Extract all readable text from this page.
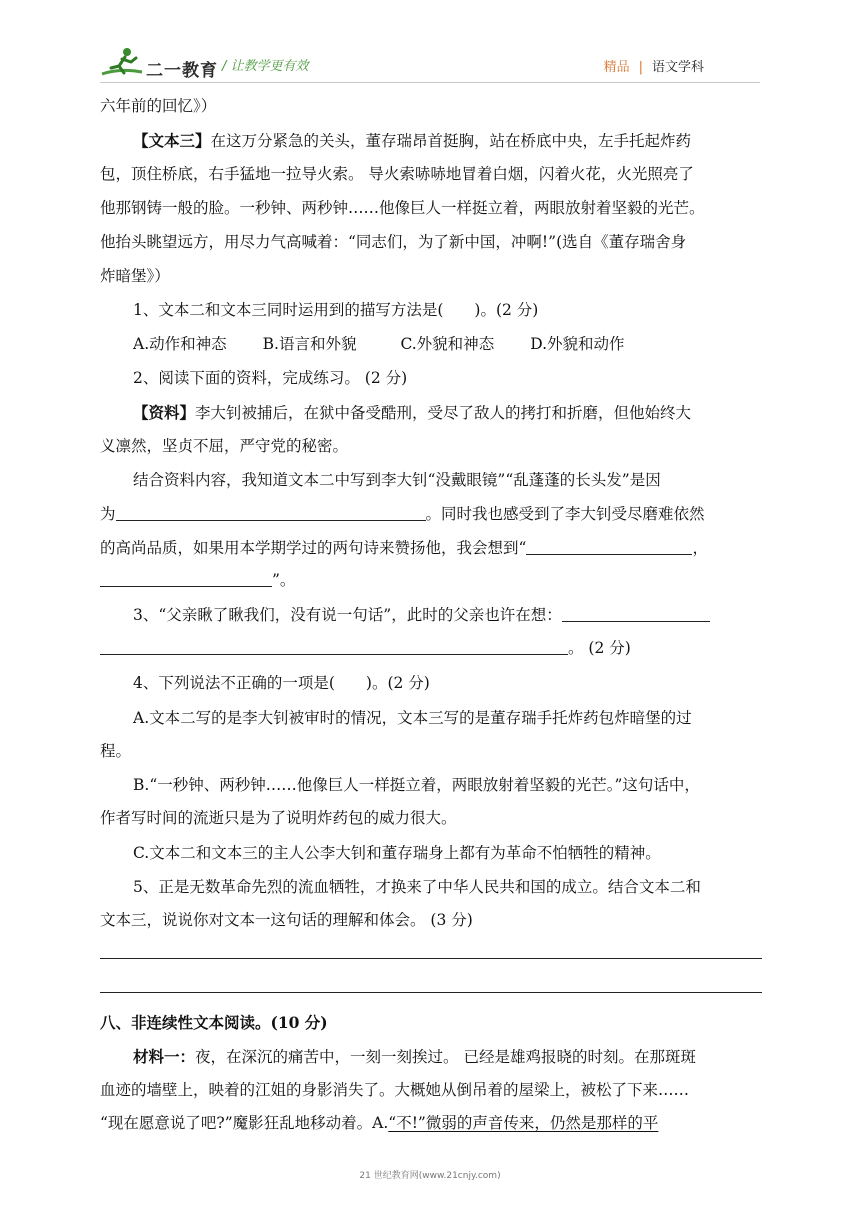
二一教育 / 让教学更有效	精品 | 语文学科
六年前的回忆》）
【文本三】在这万分紧急的关头，董存瑞昂首挺胸，站在桥底中央，左手托起炸药
包，顶住桥底，右手猛地一拉导火索。 导火索哧哧地冒着白烟，闪着火花，火光照亮了
他那钢铸一般的脸。一秒钟、两秒钟……他像巨人一样挺立着，两眼放射着坚毅的光芒。
他抬头眺望远方，用尽力气高喊着：“同志们，为了新中国，冲啊!”(选自《董存瑞舍身
炸暗堡》）
1、文本二和文本三同时运用到的描写方法是(　　)。(2 分)
A.动作和神态 B.语言和外貌	C.外貌和神态 D.外貌和动作
2、阅读下面的资料，完成练习。 (2 分)
【资料】李大钊被捕后，在狱中备受酷刑，受尽了敌人的拷打和折磨，但他始终大
义凛然，坚贞不屈，严守党的秘密。
结合资料内容，我知道文本二中写到李大钊“没戴眼镜”“乱蓬蓬的长头发”是因
为	。同时我也感受到了李大钊受尽磨难依然
的高尚品质，如果用本学期学过的两句诗来赞扬他，我会想到“	，
”。
3、“父亲瞅了瞅我们，没有说一句话”，此时的父亲也许在想：
。 (2 分)
4、下列说法不正确的一项是(　　)。(2 分)
A.文本二写的是李大钊被审时的情况，文本三写的是董存瑞手托炸药包炸暗堡的过
程。
B.“一秒钟、两秒钟……他像巨人一样挺立着，两眼放射着坚毅的光芒。”这句话中，
作者写时间的流逝只是为了说明炸药包的威力很大。
C.文本二和文本三的主人公李大钊和董存瑞身上都有为革命不怕牺牲的精神。
5、正是无数革命先烈的流血牺牲，才换来了中华人民共和国的成立。结合文本二和
文本三，说说你对文本一这句话的理解和体会。 (3 分)
八、非连续性文本阅读。(10 分)
材料一：夜，在深沉的痛苦中，一刻一刻挨过。 已经是雄鸡报晓的时刻。在那斑斑
血迹的墙壁上，映着的江姐的身影消失了。大概她从倒吊着的屋梁上，被松了下来……
“现在愿意说了吧?”魔影狂乱地移动着。A.“不!”微弱的声音传来，仍然是那样的平
21 世纪教育网(www.21cnjy.com)
